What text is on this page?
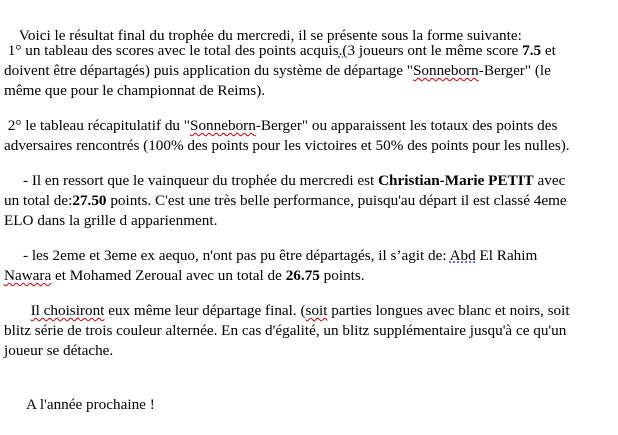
Voici le résultat final du trophée du mercredi, il se présente sous la forme suivante:

1° un tableau des scores avec le total des points acquis.(3 joueurs ont le même score 7.5 et
doivent être départagés) puis application du système de départage "Sonneborn-Berger" (le
même que pour le championnat de Reims).
2° le tableau récapitulatif du "Sonneborn-Berger" ou apparaissent les totaux des points des
adversaires rencontrés (100% des points pour les victoires et 50% des points pour les nulles).
- Il en ressort que le vainqueur du trophée du mercredi est Christian-Marie PETIT avec
un total de:27.50 points. C'est une très belle performance, puisqu'au départ il est classé 4eme
ELO dans la grille d apparienment.
- les 2eme et 3eme ex aequo, n'ont pas pu être départagés, il s’agit de: Abd El Rahim
Nawara et Mohamed Zeroual avec un total de 26.75 points.
Il choisiront eux même leur départage final. (soit parties longues avec blanc et noirs, soit
blitz série de trois couleur alternée. En cas d'égalité, un blitz supplémentaire jusqu'à ce qu'un
joueur se détache.

A l'année prochaine !
